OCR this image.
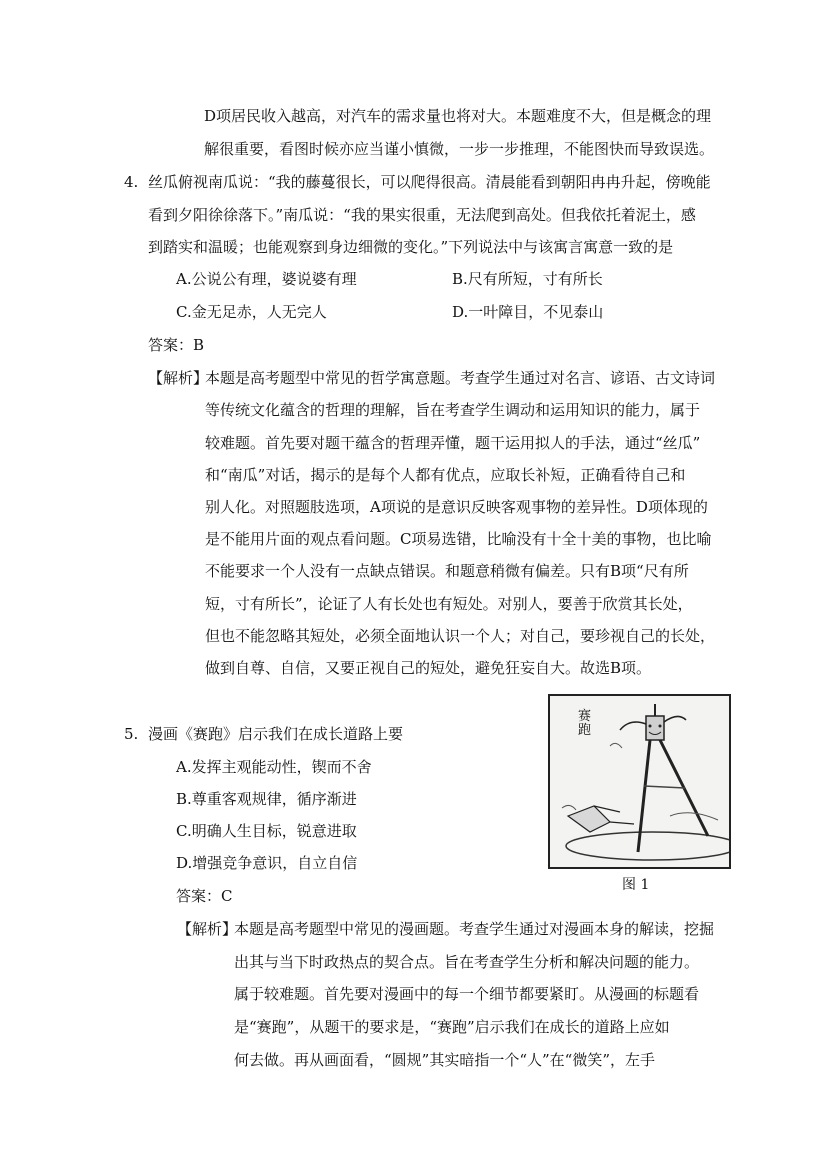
D项居民收入越高，对汽车的需求量也将对大。本题难度不大，但是概念的理
解很重要，看图时候亦应当谨小慎微，一步一步推理，不能图快而导致误选。
4. 丝瓜俯视南瓜说：“我的藤蔓很长，可以爬得很高。清晨能看到朝阳冉冉升起，傍晚能
看到夕阳徐徐落下。”南瓜说：“我的果实很重，无法爬到高处。但我依托着泥土，感
到踏实和温暖；也能观察到身边细微的变化。”下列说法中与该寓言寓意一致的是
A.公说公有理，婆说婆有理	B.尺有所短，寸有所长
C.金无足赤，人无完人	D.一叶障目，不见泰山
答案：B
【解析】
本题是高考题型中常见的哲学寓意题。考查学生通过对名言、谚语、古文诗词
等传统文化蕴含的哲理的理解，旨在考查学生调动和运用知识的能力，属于
较难题。首先要对题干蕴含的哲理弄懂，题干运用拟人的手法，通过“丝瓜”
和“南瓜”对话，揭示的是每个人都有优点，应取长补短，正确看待自己和
别人化。对照题肢选项，A项说的是意识反映客观事物的差异性。D项体现的
是不能用片面的观点看问题。C项易选错，比喻没有十全十美的事物，也比喻
不能要求一个人没有一点缺点错误。和题意稍微有偏差。只有B项“尺有所
短，寸有所长”，论证了人有长处也有短处。对别人，要善于欣赏其长处，
但也不能忽略其短处，必须全面地认识一个人；对自己，要珍视自己的长处，
做到自尊、自信，又要正视自己的短处，避免狂妄自大。故选B项。
5. 漫画《赛跑》启示我们在成长道路上要
A.发挥主观能动性，锲而不舍
B.尊重客观规律，循序渐进
C.明确人生目标，锐意进取
D.增强竞争意识，自立自信
答案：C
赛跑
图 1
【解析】
本题是高考题型中常见的漫画题。考查学生通过对漫画本身的解读，挖掘
出其与当下时政热点的契合点。旨在考查学生分析和解决问题的能力。
属于较难题。首先要对漫画中的每一个细节都要紧盯。从漫画的标题看
是“赛跑”，从题干的要求是，“赛跑”启示我们在成长的道路上应如
何去做。再从画面看，“圆规”其实暗指一个“人”在“微笑”，左手
